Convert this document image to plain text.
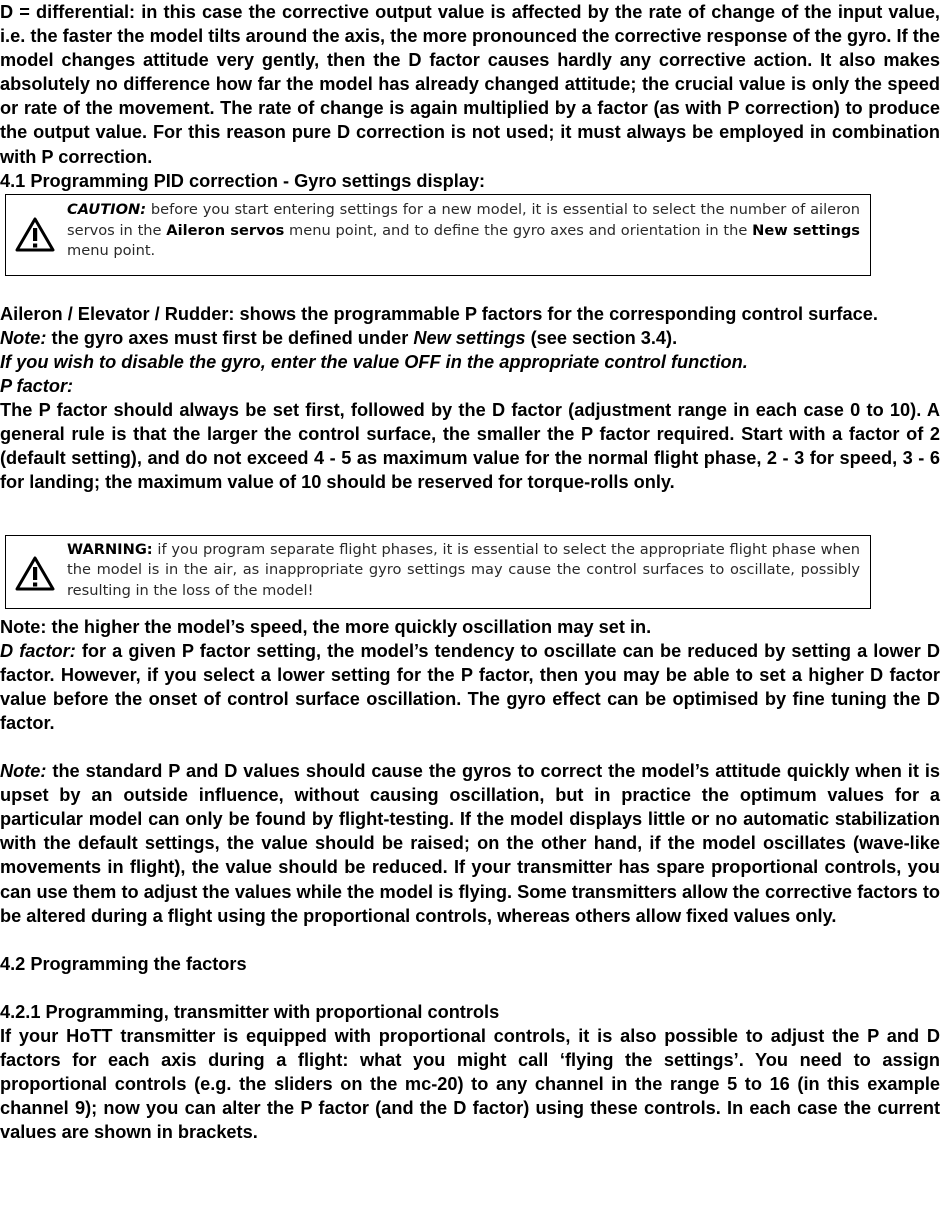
D = differential: in this case the corrective output value is affected by the rate of change of the input value, i.e. the faster the model tilts around the axis, the more pronounced the corrective response of the gyro. If the model changes attitude very gently, then the D factor causes hardly any corrective action. It also makes absolutely no difference how far the model has already changed attitude; the crucial value is only the speed or rate of the movement. The rate of change is again multiplied by a factor (as with P correction) to produce the output value. For this reason pure D correction is not used; it must always be employed in combination with P correction.

4.1 Programming PID correction - Gyro settings display:

CAUTION: before you start entering settings for a new model, it is essential to select the number of aileron servos in the Aileron servos menu point, and to define the gyro axes and orientation in the New settings menu point.

Aileron / Elevator / Rudder: shows the programmable P factors for the corresponding control surface.

Note: the gyro axes must first be defined under New settings (see section 3.4).

If you wish to disable the gyro, enter the value OFF in the appropriate control function.

P factor:

The P factor should always be set first, followed by the D factor (adjustment range in each case 0 to 10). A general rule is that the larger the control surface, the smaller the P factor required. Start with a factor of 2 (default setting), and do not exceed 4 - 5 as maximum value for the normal flight phase, 2 - 3 for speed, 3 - 6 for landing; the maximum value of 10 should be reserved for torque-rolls only.

WARNING: if you program separate flight phases, it is essential to select the appropriate flight phase when the model is in the air, as inappropriate gyro settings may cause the control surfaces to oscillate, possibly resulting in the loss of the model!

Note: the higher the model’s speed, the more quickly oscillation may set in.

D factor: for a given P factor setting, the model’s tendency to oscillate can be reduced by setting a lower D factor. However, if you select a lower setting for the P factor, then you may be able to set a higher D factor value before the onset of control surface oscillation. The gyro effect can be optimised by fine tuning the D factor.

Note: the standard P and D values should cause the gyros to correct the model’s attitude quickly when it is upset by an outside influence, without causing oscillation, but in practice the optimum values for a particular model can only be found by flight-testing. If the model displays little or no automatic stabilization with the default settings, the value should be raised; on the other hand, if the model oscillates (wave-like movements in flight), the value should be reduced. If your transmitter has spare proportional controls, you can use them to adjust the values while the model is flying. Some transmitters allow the corrective factors to be altered during a flight using the proportional controls, whereas others allow fixed values only.

4.2 Programming the factors

4.2.1 Programming, transmitter with proportional controls

If your HoTT transmitter is equipped with proportional controls, it is also possible to adjust the P and D factors for each axis during a flight: what you might call ‘flying the settings’. You need to assign proportional controls (e.g. the sliders on the mc-20) to any channel in the range 5 to 16 (in this example channel 9); now you can alter the P factor (and the D factor) using these controls. In each case the current values are shown in brackets.
